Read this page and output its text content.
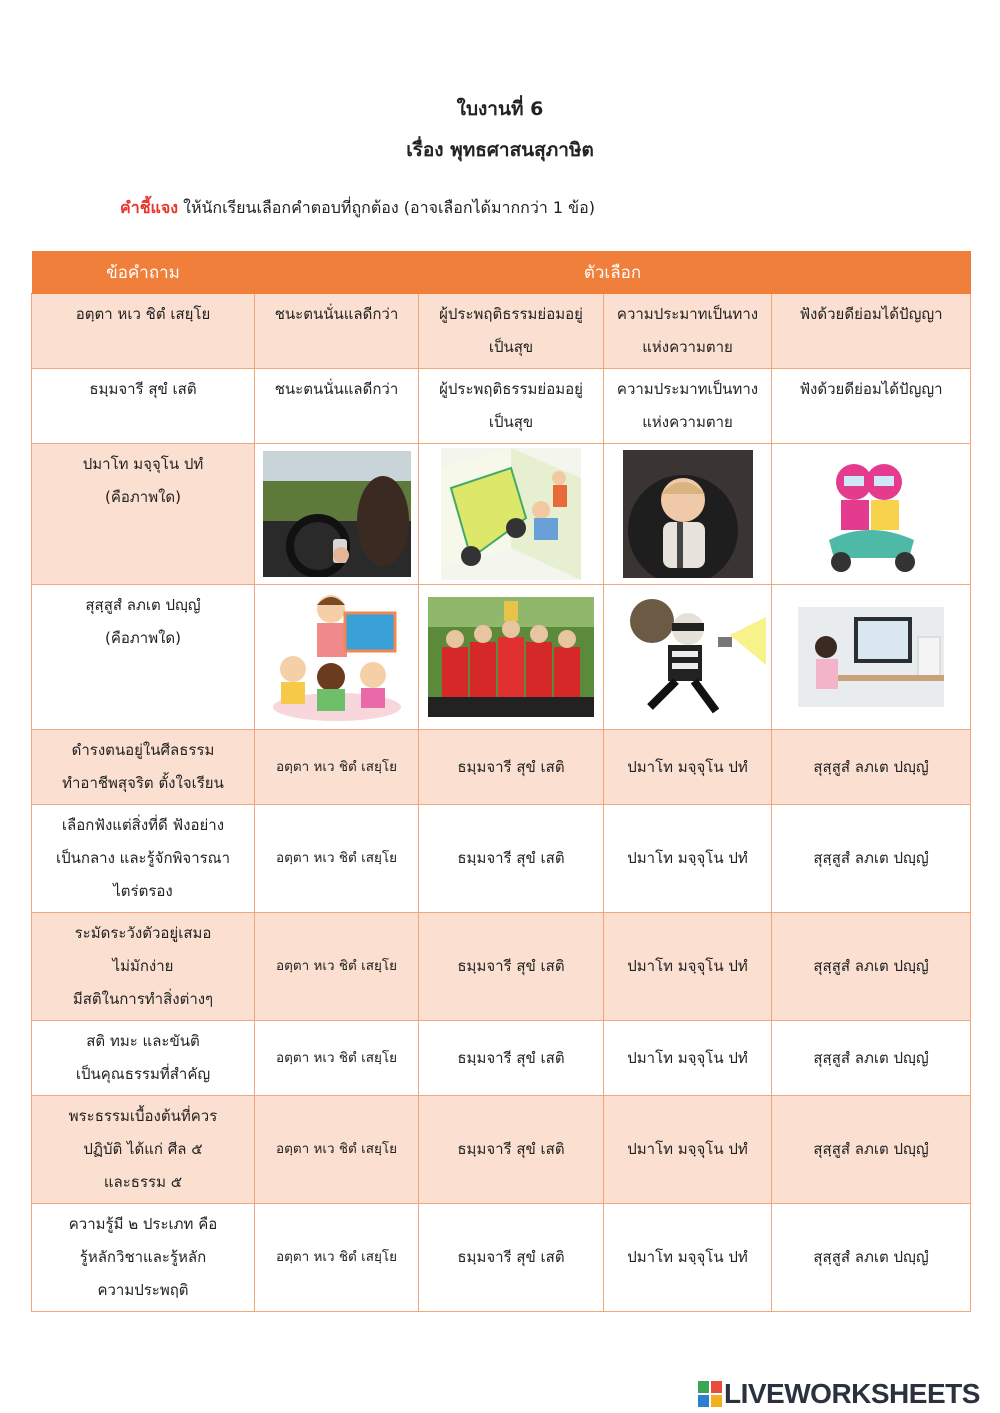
ใบงานที่ 6
เรื่อง พุทธศาสนสุภาษิต
คำชี้แจง ให้นักเรียนเลือกคำตอบที่ถูกต้อง (อาจเลือกได้มากกว่า 1 ข้อ)
ข้อคำถาม	ตัวเลือก			
อตฺตา หเว ชิตํ เสยฺโย	ชนะตนนั่นแลดีกว่า	ผู้ประพฤติธรรมย่อมอยู่เป็นสุข	ความประมาทเป็นทางแห่งความตาย	ฟังด้วยดีย่อมได้ปัญญา
ธมฺมจารี สุขํ เสติ	ชนะตนนั่นแลดีกว่า	ผู้ประพฤติธรรมย่อมอยู่เป็นสุข	ความประมาทเป็นทางแห่งความตาย	ฟังด้วยดีย่อมได้ปัญญา
ปมาโท มจฺจุโน ปทํ
(คือภาพใด)	

สุสฺสูสํ ลภเต ปญฺญํ
(คือภาพใด)	

ดำรงตนอยู่ในศีลธรรม
ทำอาชีพสุจริต ตั้งใจเรียน	อตฺตา หเว ชิตํ เสยฺโย	ธมฺมจารี สุขํ เสติ	ปมาโท มจฺจุโน ปทํ	สุสฺสูสํ ลภเต ปญฺญํ
เลือกฟังแต่สิ่งที่ดี ฟังอย่าง
เป็นกลาง และรู้จักพิจารณา
ไตร่ตรอง	อตฺตา หเว ชิตํ เสยฺโย	ธมฺมจารี สุขํ เสติ	ปมาโท มจฺจุโน ปทํ	สุสฺสูสํ ลภเต ปญฺญํ
ระมัดระวังตัวอยู่เสมอ
ไม่มักง่าย
มีสติในการทำสิ่งต่างๆ	อตฺตา หเว ชิตํ เสยฺโย	ธมฺมจารี สุขํ เสติ	ปมาโท มจฺจุโน ปทํ	สุสฺสูสํ ลภเต ปญฺญํ
สติ ทมะ และขันติ
เป็นคุณธรรมที่สำคัญ	อตฺตา หเว ชิตํ เสยฺโย	ธมฺมจารี สุขํ เสติ	ปมาโท มจฺจุโน ปทํ	สุสฺสูสํ ลภเต ปญฺญํ
พระธรรมเบื้องต้นที่ควร
ปฏิบัติ ได้แก่ ศีล ๕
และธรรม ๕	อตฺตา หเว ชิตํ เสยฺโย	ธมฺมจารี สุขํ เสติ	ปมาโท มจฺจุโน ปทํ	สุสฺสูสํ ลภเต ปญฺญํ
ความรู้มี ๒ ประเภท คือ
รู้หลักวิชาและรู้หลัก
ความประพฤติ	อตฺตา หเว ชิตํ เสยฺโย	ธมฺมจารี สุขํ เสติ	ปมาโท มจฺจุโน ปทํ	สุสฺสูสํ ลภเต ปญฺญํ
LIVEWORKSHEETS
